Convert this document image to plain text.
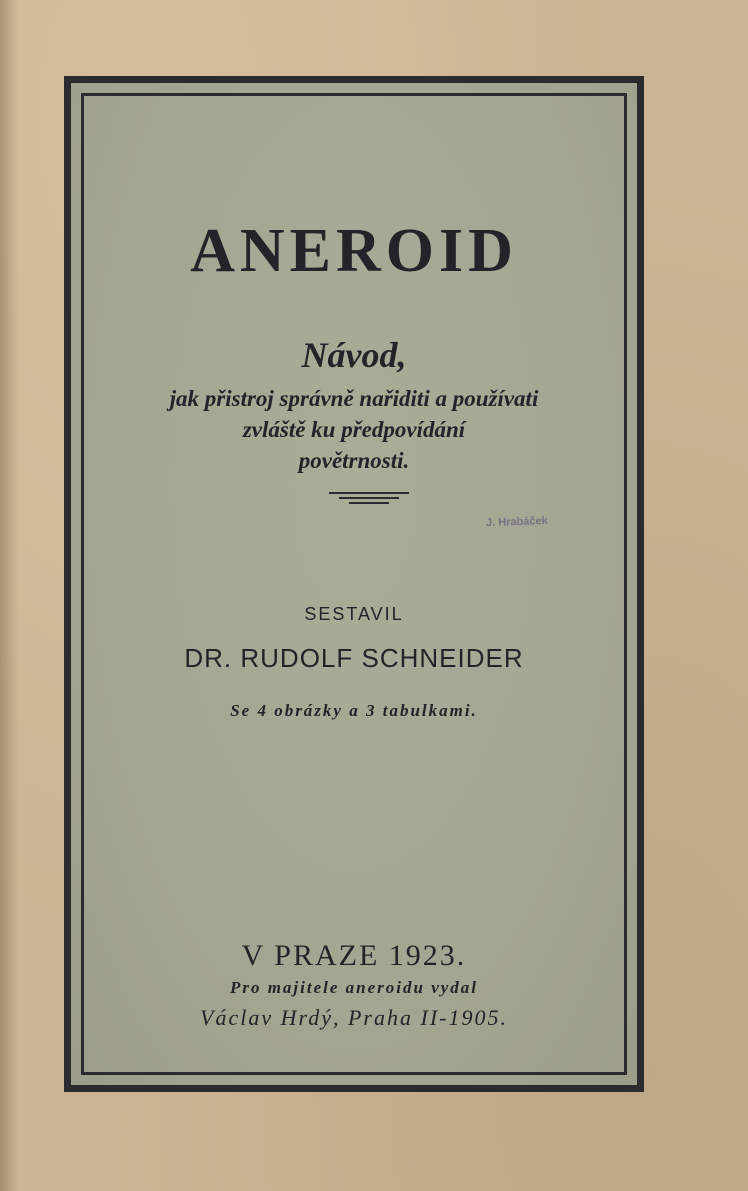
ANEROID
Návod,
jak přistroj správně nařiditi a používati
zvláště ku předpovídání
povětrnosti.
J. Hrabáček
SESTAVIL
DR. RUDOLF SCHNEIDER
Se 4 obrázky a 3 tabulkami.
V PRAZE 1923.
Pro majitele aneroidu vydal
Václav Hrdý, Praha II-1905.
